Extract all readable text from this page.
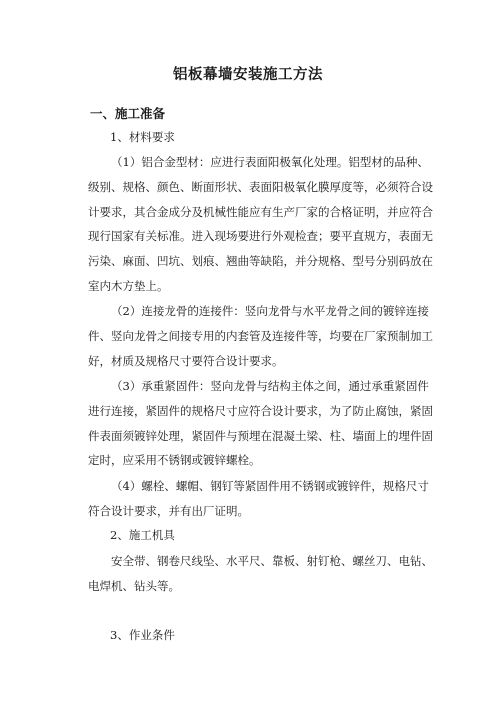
铝板幕墙安装施工方法
一、施工准备

1、材料要求

（1）铝合金型材：应进行表面阳极氧化处理。铝型材的品种、
级别、规格、颜色、断面形状、表面阳极氧化膜厚度等，必须符合设
计要求，其合金成分及机械性能应有生产厂家的合格证明，并应符合
现行国家有关标准。进入现场要进行外观检查；要平直规方，表面无
污染、麻面、凹坑、划痕、翘曲等缺陷，并分规格、型号分别码放在
室内木方垫上。

（2）连接龙骨的连接件：竖向龙骨与水平龙骨之间的镀锌连接
件、竖向龙骨之间接专用的内套管及连接件等，均要在厂家预制加工
好，材质及规格尺寸要符合设计要求。

（3）承重紧固件：竖向龙骨与结构主体之间，通过承重紧固件
进行连接，紧固件的规格尺寸应符合设计要求，为了防止腐蚀，紧固
件表面须镀锌处理，紧固件与预埋在混凝土梁、柱、墙面上的埋件固
定时，应采用不锈钢或镀锌螺栓。

（4）螺栓、螺帽、钢钉等紧固件用不锈钢或镀锌件，规格尺寸
符合设计要求，并有出厂证明。

2、施工机具

安全带、钢卷尺线坠、水平尺、靠板、射钉枪、螺丝刀、电钻、
电焊机、钻头等。

3、作业条件
